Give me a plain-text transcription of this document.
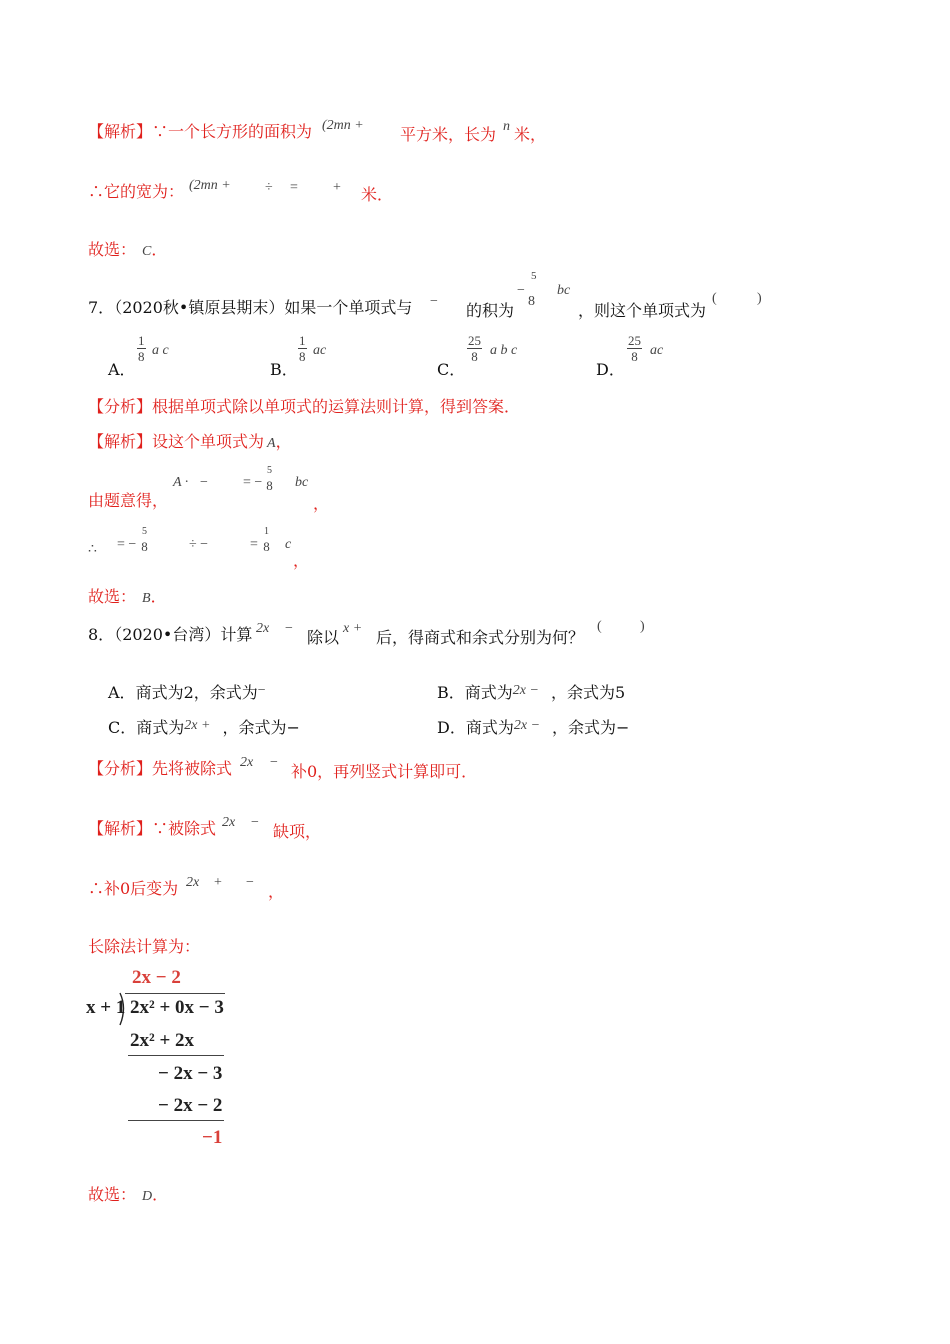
【解析】∵一个长方形的面积为 (2mn + 平方米，长为 n 米，
∴它的宽为： (2mn + ÷ =	+ 米．
故选： C．
7．（2020秋•镇原县期末）如果一个单项式与 − 的积为
−
5
8
bc
，则这个单项式为
(	)
A．
$\frac{1}{8}$ a c
B．
$\frac{1}{8}$ ac
C．
$\frac{25}{8}$ a b c
D．
$\frac{25}{8}$ ac
【分析】根据单项式除以单项式的运算法则计算，得到答案．
【解析】设这个单项式为 A，
由题意得，
A · −	= −
5
8 bc
，
∴ = −
5
8	÷ −	=
1
8 c
，
故选： B．
8．（2020•台湾）计算 2x − 除以 x + 后，得商式和余式分别为何？
(	)
A．商式为2，余式为−	B．商式为2x − ，余式为5
C．商式为2x + ，余式为−	D．商式为2x − ，余式为−
【分析】先将被除式 2x − 补0，再列竖式计算即可．
【解析】∵被除式 2x − 缺项，
∴补0后变为 2x + − ，
长除法计算为：
2x − 2
x + 1 2x² + 0x − 3
2x² + 2x
− 2x − 3
− 2x − 2
−1
故选： D．
